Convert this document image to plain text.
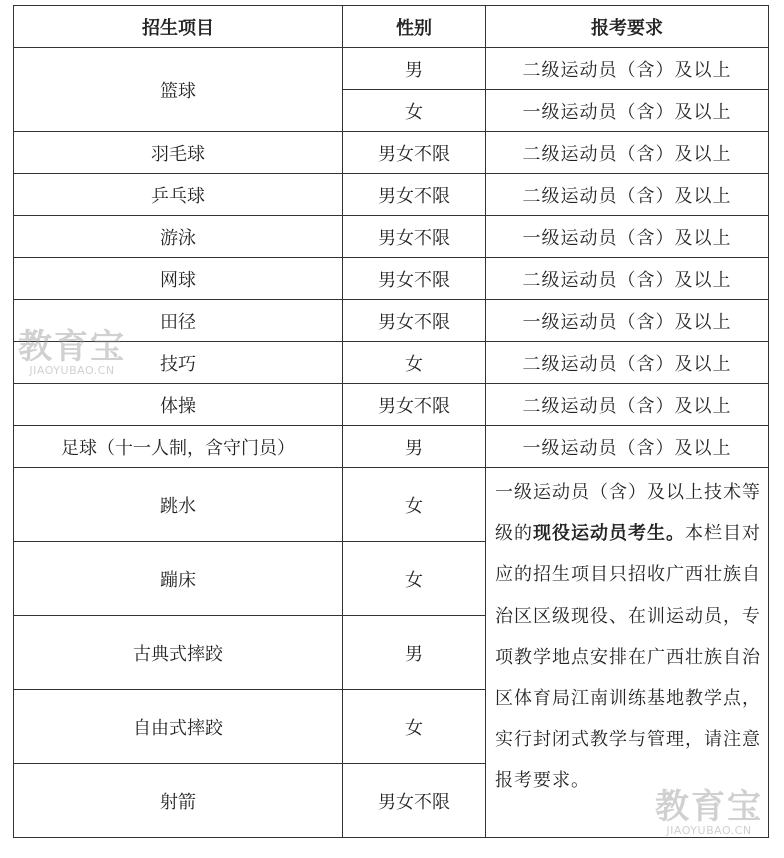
招生项目	性别	报考要求
篮球	男	二级运动员（含）及以上
	女	一级运动员（含）及以上
羽毛球	男女不限	二级运动员（含）及以上
乒乓球	男女不限	二级运动员（含）及以上
游泳	男女不限	一级运动员（含）及以上
网球	男女不限	二级运动员（含）及以上
田径	男女不限	一级运动员（含）及以上
技巧	女	二级运动员（含）及以上
体操	男女不限	二级运动员（含）及以上
足球（十一人制，含守门员）	男	一级运动员（含）及以上
跳水	女	一级运动员（含）及以上技术等级的现役运动员考生。本栏目对应的招生项目只招收广西壮族自治区区级现役、在训运动员，专项教学地点安排在广西壮族自治区体育局江南训练基地教学点，实行封闭式教学与管理，请注意报考要求。
蹦床	女	
古典式摔跤	男	
自由式摔跤	女	
射箭	男女不限	
教育宝
JIAOYUBAO.CN
教育宝
JIAOYUBAO.CN
